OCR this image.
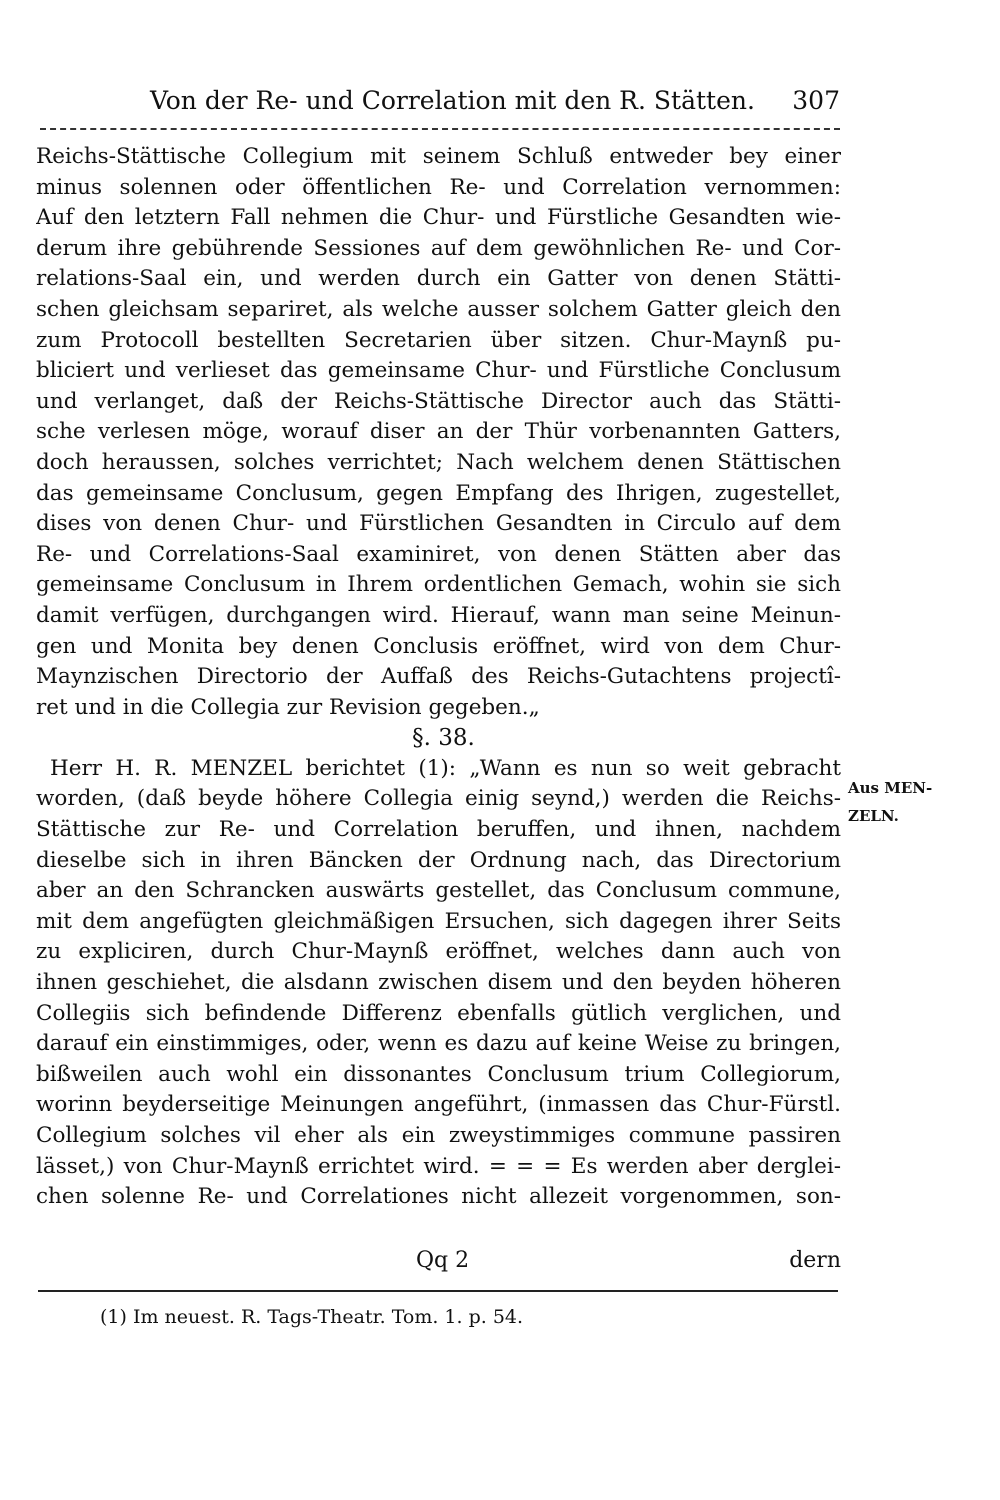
Von der Re- und Correlation mit den R. Stätten. 307
Reichs-Stättische Collegium mit seinem Schluß entweder bey einer
minus solennen oder öffentlichen Re- und Correlation vernommen:
Auf den letztern Fall nehmen die Chur- und Fürstliche Gesandten wie-
derum ihre gebührende Sessiones auf dem gewöhnlichen Re- und Cor-
relations-Saal ein, und werden durch ein Gatter von denen Stätti-
schen gleichsam separiret, als welche ausser solchem Gatter gleich den
zum Protocoll bestellten Secretarien über sitzen. Chur-Maynß pu-
bliciert und verlieset das gemeinsame Chur- und Fürstliche Conclusum
und verlanget, daß der Reichs-Stättische Director auch das Stätti-
sche verlesen möge, worauf diser an der Thür vorbenannten Gatters,
doch heraussen, solches verrichtet; Nach welchem denen Stättischen
das gemeinsame Conclusum, gegen Empfang des Ihrigen, zugestellet,
dises von denen Chur- und Fürstlichen Gesandten in Circulo auf dem
Re- und Correlations-Saal examiniret, von denen Stätten aber das
gemeinsame Conclusum in Ihrem ordentlichen Gemach, wohin sie sich
damit verfügen, durchgangen wird. Hierauf, wann man seine Meinun-
gen und Monita bey denen Conclusis eröffnet, wird von dem Chur-
Maynzischen Directorio der Auffaß des Reichs-Gutachtens projectî-
ret und in die Collegia zur Revision gegeben.„
§. 38.
Herr H. R. MENZEL berichtet (1): „Wann es nun so weit gebracht
worden, (daß beyde höhere Collegia einig seynd,) werden die Reichs-
Stättische zur Re- und Correlation beruffen, und ihnen, nachdem
dieselbe sich in ihren Bäncken der Ordnung nach, das Directorium
aber an den Schrancken auswärts gestellet, das Conclusum commune,
mit dem angefügten gleichmäßigen Ersuchen, sich dagegen ihrer Seits
zu expliciren, durch Chur-Maynß eröffnet, welches dann auch von
ihnen geschiehet, die alsdann zwischen disem und den beyden höheren
Collegiis sich befindende Differenz ebenfalls gütlich verglichen, und
darauf ein einstimmiges, oder, wenn es dazu auf keine Weise zu bringen,
bißweilen auch wohl ein dissonantes Conclusum trium Collegiorum,
worinn beyderseitige Meinungen angeführt, (inmassen das Chur-Fürstl.
Collegium solches vil eher als ein zweystimmiges commune passiren
lässet,) von Chur-Maynß errichtet wird. = = = Es werden aber derglei-
chen solenne Re- und Correlationes nicht allezeit vorgenommen, son-
Aus MEN-
ZELN.
Qq 2	dern
(1) Im neuest. R. Tags-Theatr. Tom. 1. p. 54.
